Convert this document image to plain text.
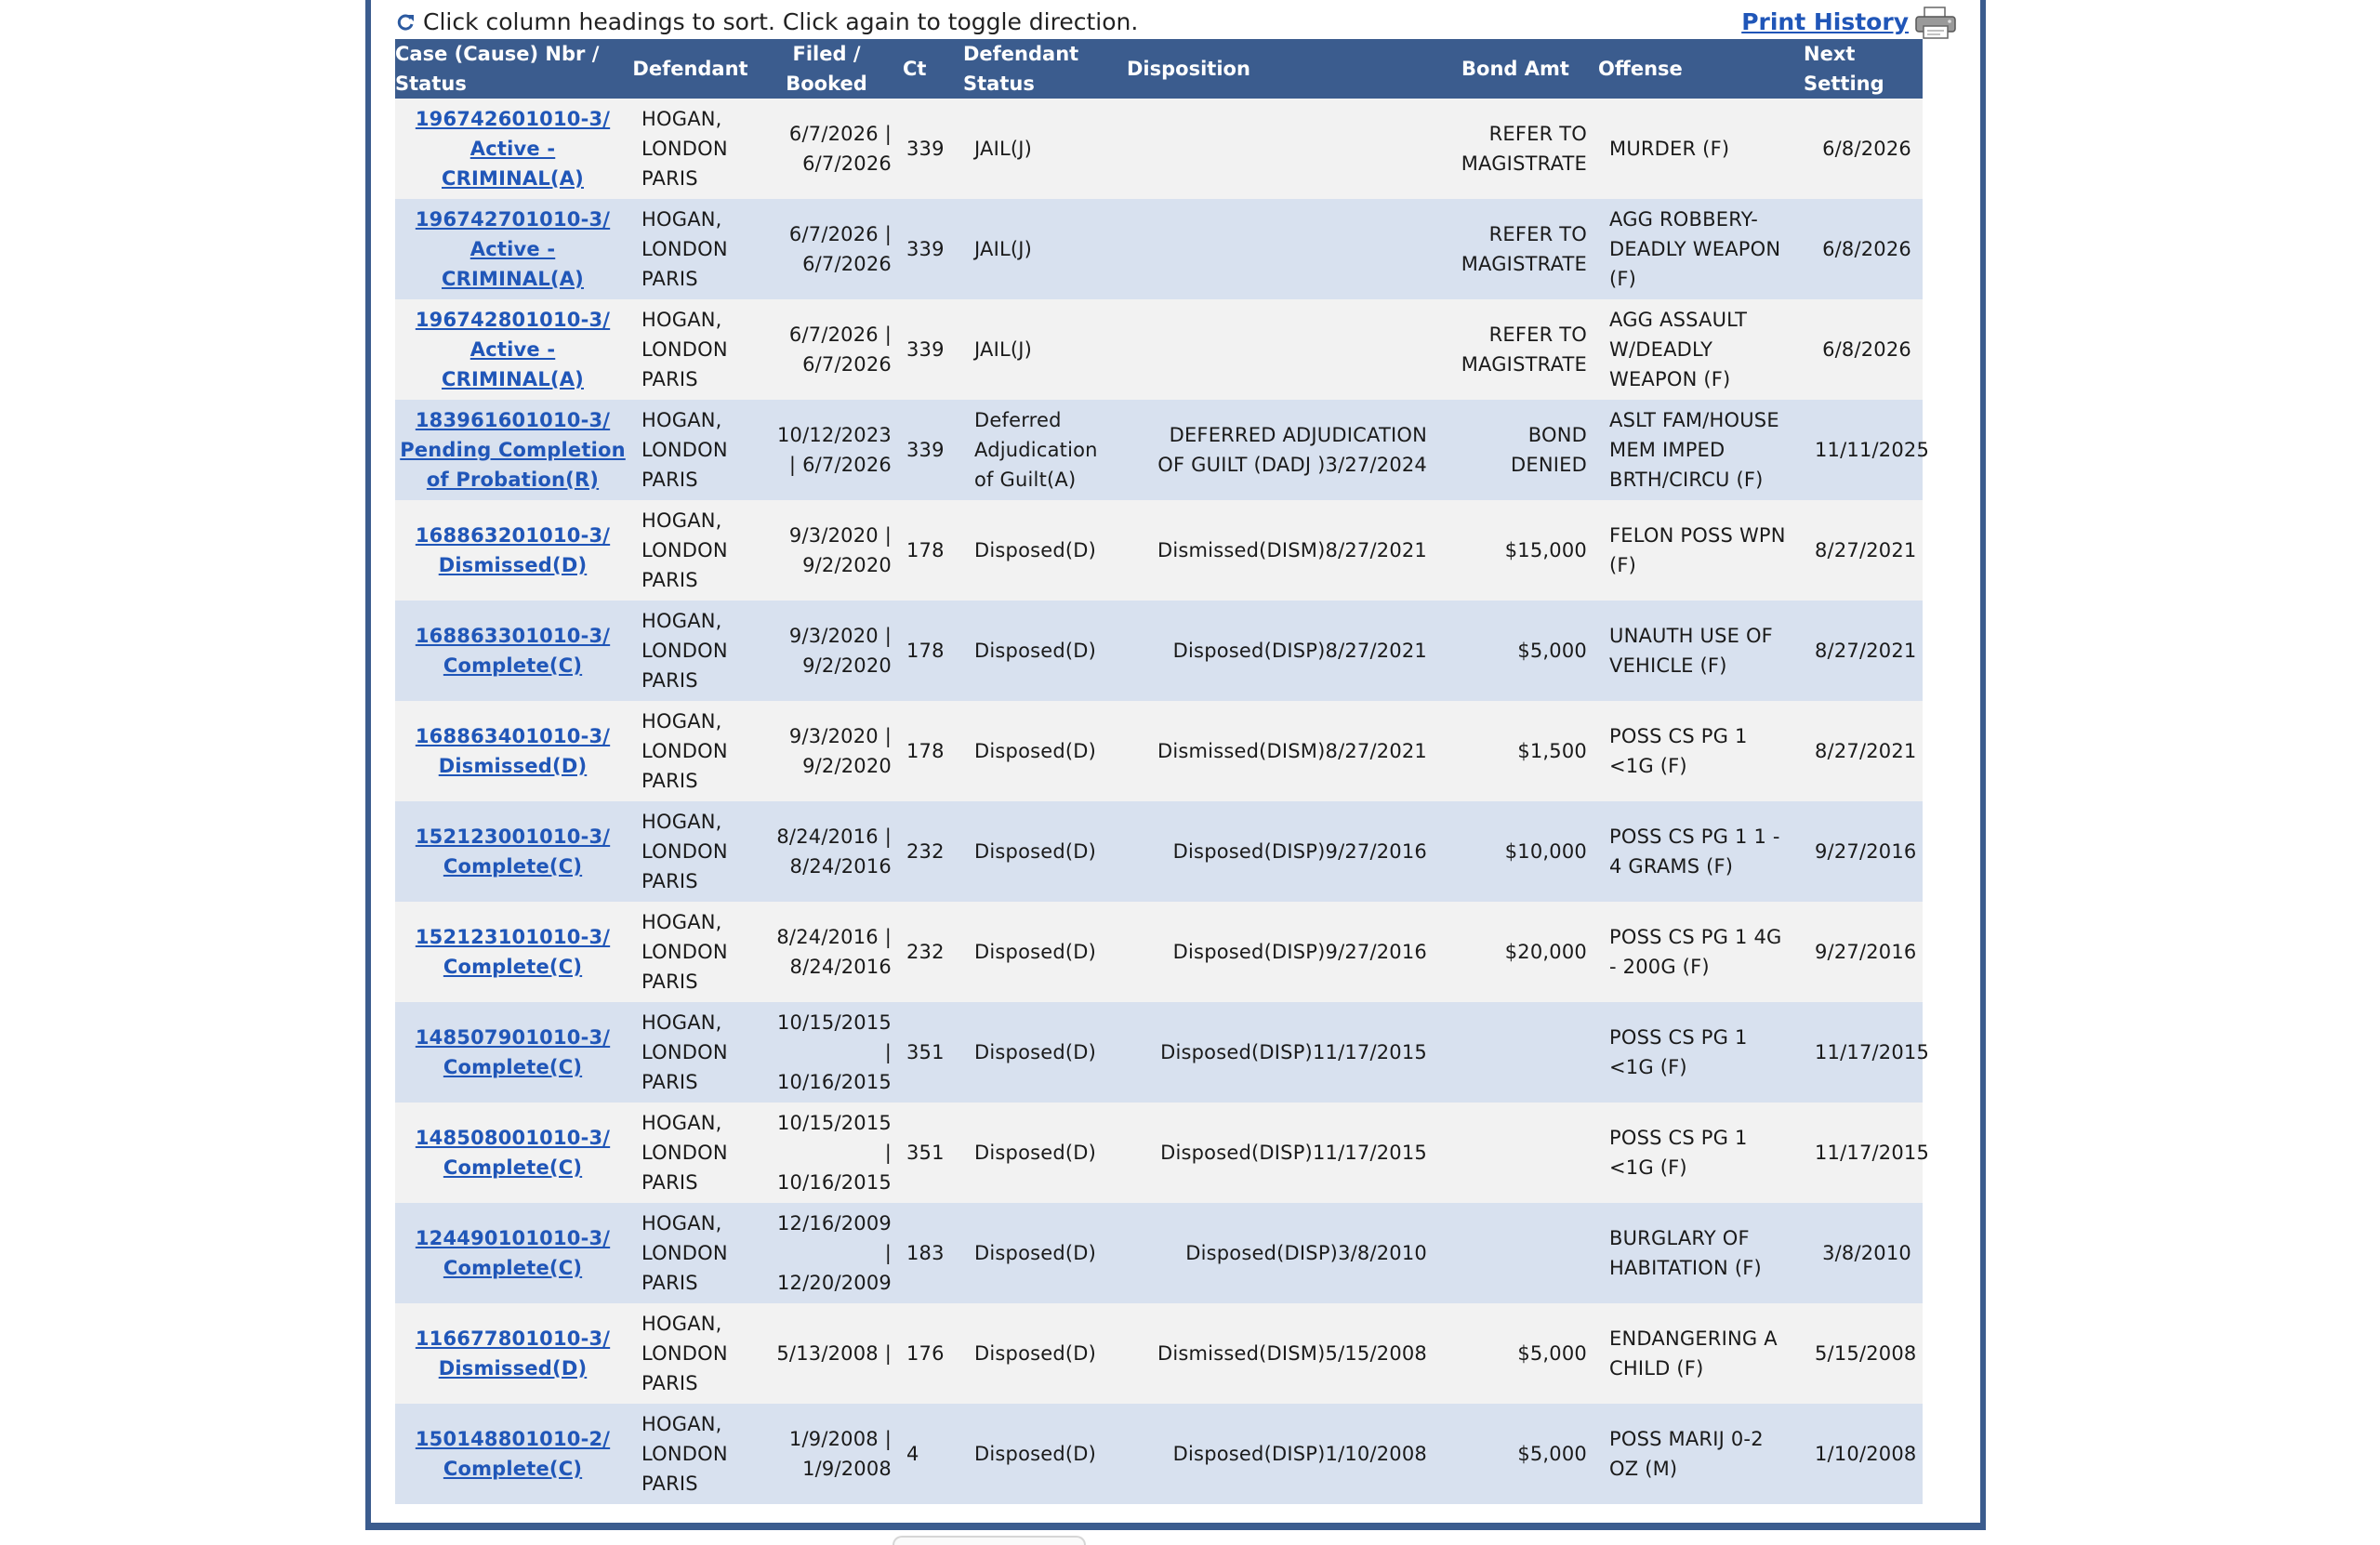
Click column headings to sort. Click again to toggle direction.	Print History
Case (Cause) Nbr / Status	Defendant	Filed / Booked	Ct	Defendant Status	Disposition	Bond Amt	Offense	Next Setting

196742601010-3/ Active - CRIMINAL(A)	HOGAN, LONDON PARIS	6/7/2026 | 6/7/2026	339	JAIL(J)		REFER TO MAGISTRATE	MURDER (F)	6/8/2026

196742701010-3/ Active - CRIMINAL(A)	HOGAN, LONDON PARIS	6/7/2026 | 6/7/2026	339	JAIL(J)		REFER TO MAGISTRATE	AGG ROBBERY-DEADLY WEAPON (F)	6/8/2026

196742801010-3/ Active - CRIMINAL(A)	HOGAN, LONDON PARIS	6/7/2026 | 6/7/2026	339	JAIL(J)		REFER TO MAGISTRATE	AGG ASSAULT W/DEADLY WEAPON (F)	6/8/2026

183961601010-3/ Pending Completion of Probation(R)	HOGAN, LONDON PARIS	10/12/2023 | 6/7/2026	339	Deferred Adjudication of Guilt(A)	DEFERRED ADJUDICATION OF GUILT (DADJ )3/27/2024	BOND DENIED	ASLT FAM/HOUSE MEM IMPED BRTH/CIRCU (F)	11/11/2025

168863201010-3/ Dismissed(D)	HOGAN, LONDON PARIS	9/3/2020 | 9/2/2020	178	Disposed(D)	Dismissed(DISM)8/27/2021	$15,000	FELON POSS WPN (F)	8/27/2021

168863301010-3/ Complete(C)	HOGAN, LONDON PARIS	9/3/2020 | 9/2/2020	178	Disposed(D)	Disposed(DISP)8/27/2021	$5,000	UNAUTH USE OF VEHICLE (F)	8/27/2021

168863401010-3/ Dismissed(D)	HOGAN, LONDON PARIS	9/3/2020 | 9/2/2020	178	Disposed(D)	Dismissed(DISM)8/27/2021	$1,500	POSS CS PG 1 <1G (F)	8/27/2021

152123001010-3/ Complete(C)	HOGAN, LONDON PARIS	8/24/2016 | 8/24/2016	232	Disposed(D)	Disposed(DISP)9/27/2016	$10,000	POSS CS PG 1 1 - 4 GRAMS (F)	9/27/2016

152123101010-3/ Complete(C)	HOGAN, LONDON PARIS	8/24/2016 | 8/24/2016	232	Disposed(D)	Disposed(DISP)9/27/2016	$20,000	POSS CS PG 1 4G - 200G (F)	9/27/2016

148507901010-3/ Complete(C)	HOGAN, LONDON PARIS	10/15/2015 | 10/16/2015	351	Disposed(D)	Disposed(DISP)11/17/2015		POSS CS PG 1 <1G (F)	11/17/2015

148508001010-3/ Complete(C)	HOGAN, LONDON PARIS	10/15/2015 | 10/16/2015	351	Disposed(D)	Disposed(DISP)11/17/2015		POSS CS PG 1 <1G (F)	11/17/2015

124490101010-3/ Complete(C)	HOGAN, LONDON PARIS	12/16/2009 | 12/20/2009	183	Disposed(D)	Disposed(DISP)3/8/2010		BURGLARY OF HABITATION (F)	3/8/2010

116677801010-3/ Dismissed(D)	HOGAN, LONDON PARIS	5/13/2008 |	176	Disposed(D)	Dismissed(DISM)5/15/2008	$5,000	ENDANGERING A CHILD (F)	5/15/2008

150148801010-2/ Complete(C)	HOGAN, LONDON PARIS	1/9/2008 | 1/9/2008	4	Disposed(D)	Disposed(DISP)1/10/2008	$5,000	POSS MARIJ 0-2 OZ (M)	1/10/2008
